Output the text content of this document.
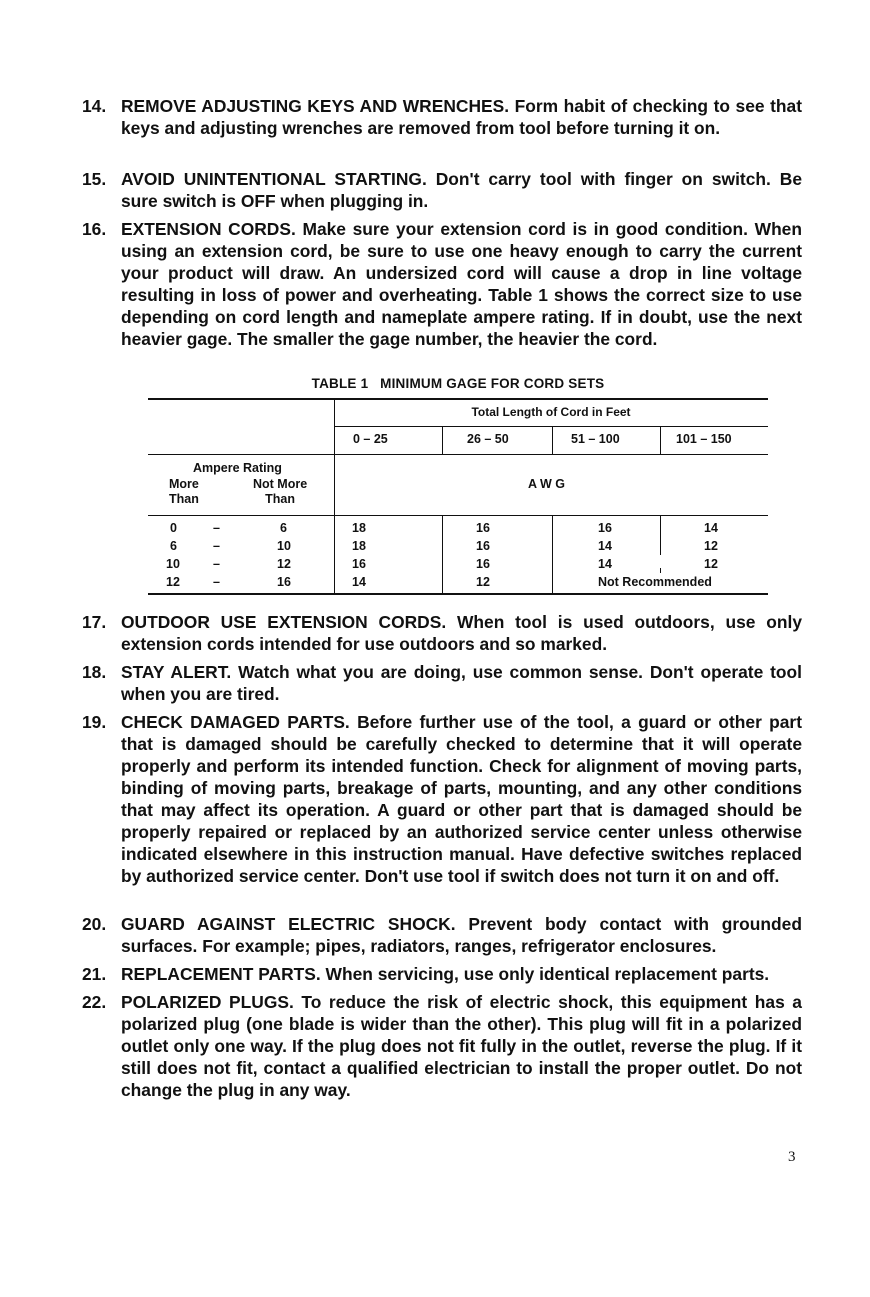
14. REMOVE ADJUSTING KEYS AND WRENCHES. Form habit of checking to see that keys and adjusting wrenches are removed from tool before turning it on.
15. AVOID UNINTENTIONAL STARTING. Don't carry tool with finger on switch. Be sure switch is OFF when plugging in.
16. EXTENSION CORDS. Make sure your extension cord is in good condition. When using an extension cord, be sure to use one heavy enough to carry the current your product will draw. An undersized cord will cause a drop in line voltage resulting in loss of power and overheating. Table 1 shows the correct size to use depending on cord length and nameplate ampere rating. If in doubt, use the next heavier gage. The smaller the gage number, the heavier the cord.
TABLE 1   MINIMUM GAGE FOR CORD SETS
Total Length of Cord in Feet
0 – 25	26 – 50	51 – 100	101 – 150
Ampere Rating
More
Than
Not More
Than
A W G
0	–	6	18	16	16	14
6	–	10	18	16	14	12
10	–	12	16	16	14	12
12	–	16	14	12	Not Recommended
17. OUTDOOR USE EXTENSION CORDS. When tool is used outdoors, use only extension cords intended for use outdoors and so marked.
18. STAY ALERT. Watch what you are doing, use common sense. Don't operate tool when you are tired.
19. CHECK DAMAGED PARTS. Before further use of the tool, a guard or other part that is damaged should be carefully checked to determine that it will operate properly and perform its intended function. Check for alignment of moving parts, binding of moving parts, breakage of parts, mounting, and any other conditions that may affect its operation. A guard or other part that is damaged should be properly repaired or replaced by an authorized service center unless otherwise indicated elsewhere in this instruction manual. Have defective switches replaced by authorized service center. Don't use tool if switch does not turn it on and off.
20. GUARD AGAINST ELECTRIC SHOCK. Prevent body contact with grounded surfaces. For example; pipes, radiators, ranges, refrigerator enclosures.
21. REPLACEMENT PARTS. When servicing, use only identical replacement parts.
22. POLARIZED PLUGS. To reduce the risk of electric shock, this equipment has a polarized plug (one blade is wider than the other). This plug will fit in a polarized outlet only one way. If the plug does not fit fully in the outlet, reverse the plug. If it still does not fit, contact a qualified electrician to install the proper outlet. Do not change the plug in any way.
3
